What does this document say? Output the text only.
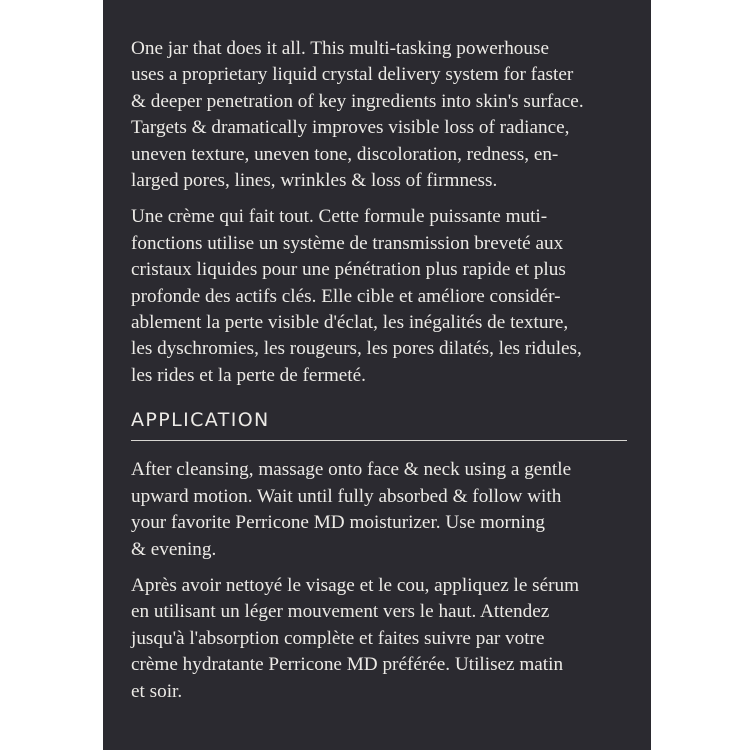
One jar that does it all. This multi-tasking powerhouse
uses a proprietary liquid crystal delivery system for faster
& deeper penetration of key ingredients into skin's surface.
Targets & dramatically improves visible loss of radiance,
uneven texture, uneven tone, discoloration, redness, en-
larged pores, lines, wrinkles & loss of firmness.
Une crème qui fait tout. Cette formule puissante muti-
fonctions utilise un système de transmission breveté aux
cristaux liquides pour une pénétration plus rapide et plus
profonde des actifs clés. Elle cible et améliore considér-
ablement la perte visible d'éclat, les inégalités de texture,
les dyschromies, les rougeurs, les pores dilatés, les ridules,
les rides et la perte de fermeté.
APPLICATION
After cleansing, massage onto face & neck using a gentle
upward motion. Wait until fully absorbed & follow with
your favorite Perricone MD moisturizer. Use morning
& evening.
Après avoir nettoyé le visage et le cou, appliquez le sérum
en utilisant un léger mouvement vers le haut. Attendez
jusqu'à l'absorption complète et faites suivre par votre
crème hydratante Perricone MD préférée. Utilisez matin
et soir.
